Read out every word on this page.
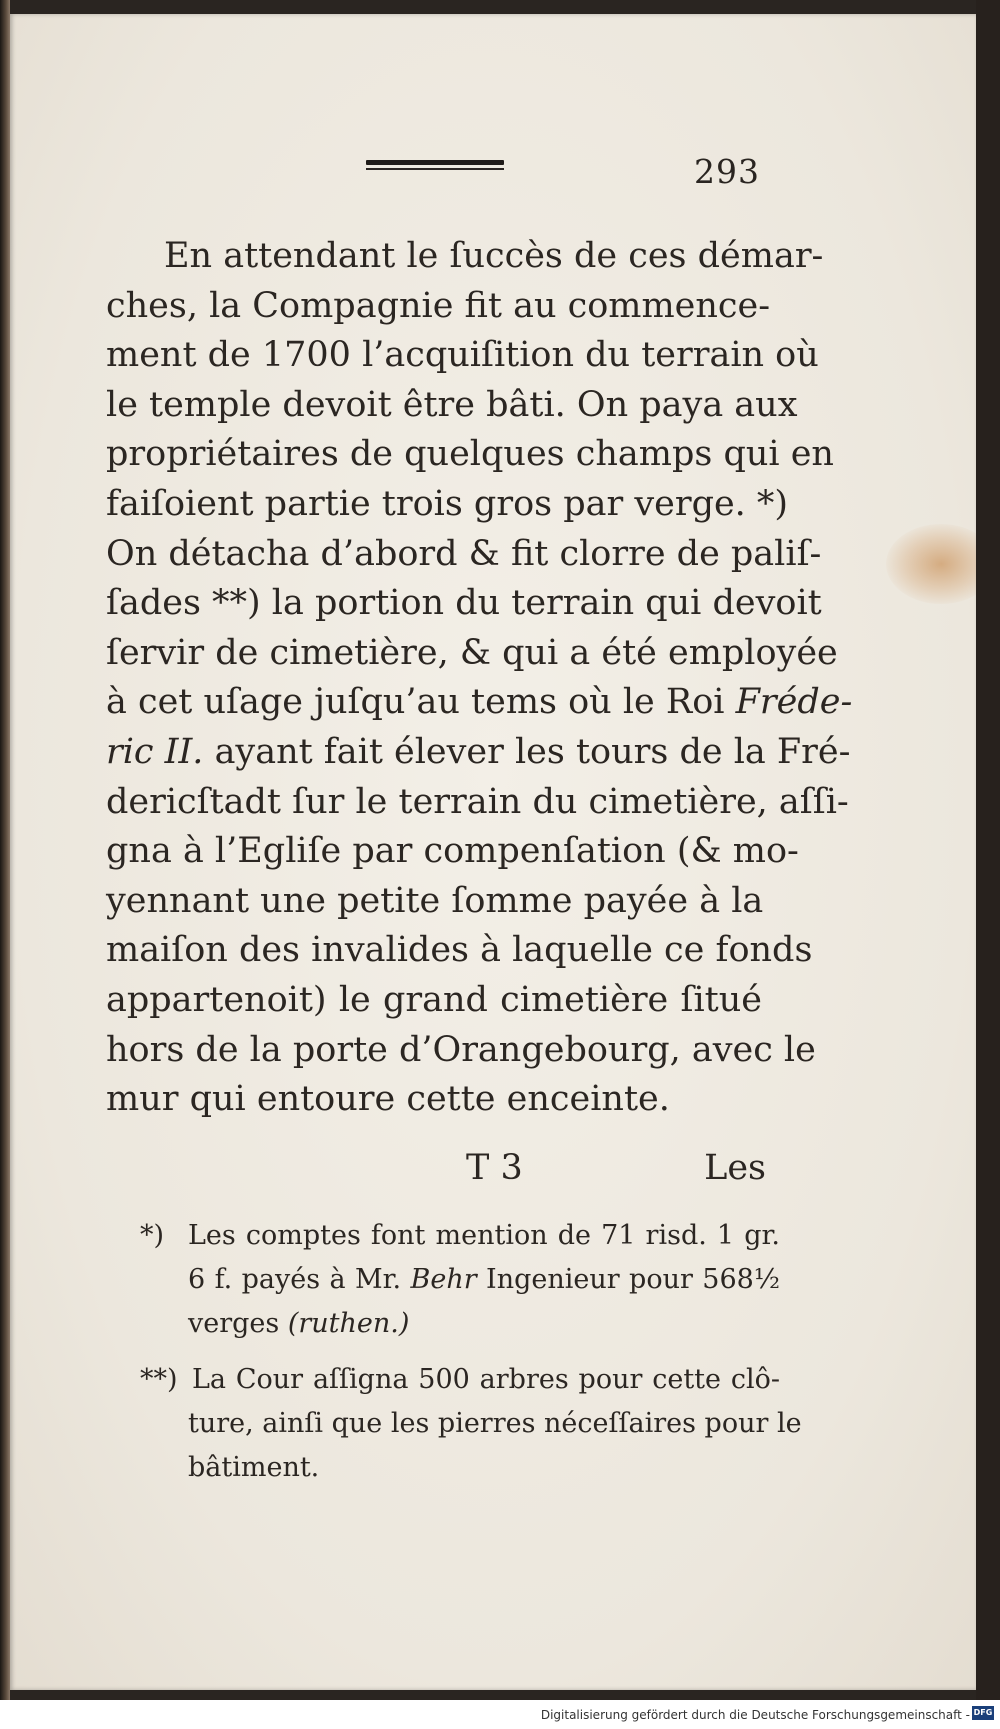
293
En attendant le ſuccès de ces démar-
ches, la Compagnie fit au commence-
ment de 1700 l’acquiſition du terrain où
le temple devoit être bâti. On paya aux
propriétaires de quelques champs qui en
faiſoient partie trois gros par verge. *)
On détacha d’abord & fit clorre de paliſ-
ſades **) la portion du terrain qui devoit
ſervir de cimetière, & qui a été employée
à cet uſage juſqu’au tems où le Roi Fréde-
ric II. ayant fait élever les tours de la Fré-
dericſtadt ſur le terrain du cimetière, aſſi-
gna à l’Egliſe par compenſation (& mo-
yennant une petite ſomme payée à la
maiſon des invalides à laquelle ce fonds
appartenoit) le grand cimetière ſitué
hors de la porte d’Orangebourg, avec le
mur qui entoure cette enceinte.
T 3	Les
*) Les comptes font mention de 71 risd. 1 gr.
6 f. payés à Mr. Behr Ingenieur pour 568½
verges (ruthen.)
**) La Cour aſſigna 500 arbres pour cette clô-
ture, ainſi que les pierres néceſſaires pour le
bâtiment.
Digitalisierung gefördert durch die Deutsche Forschungsgemeinschaft - DFG
